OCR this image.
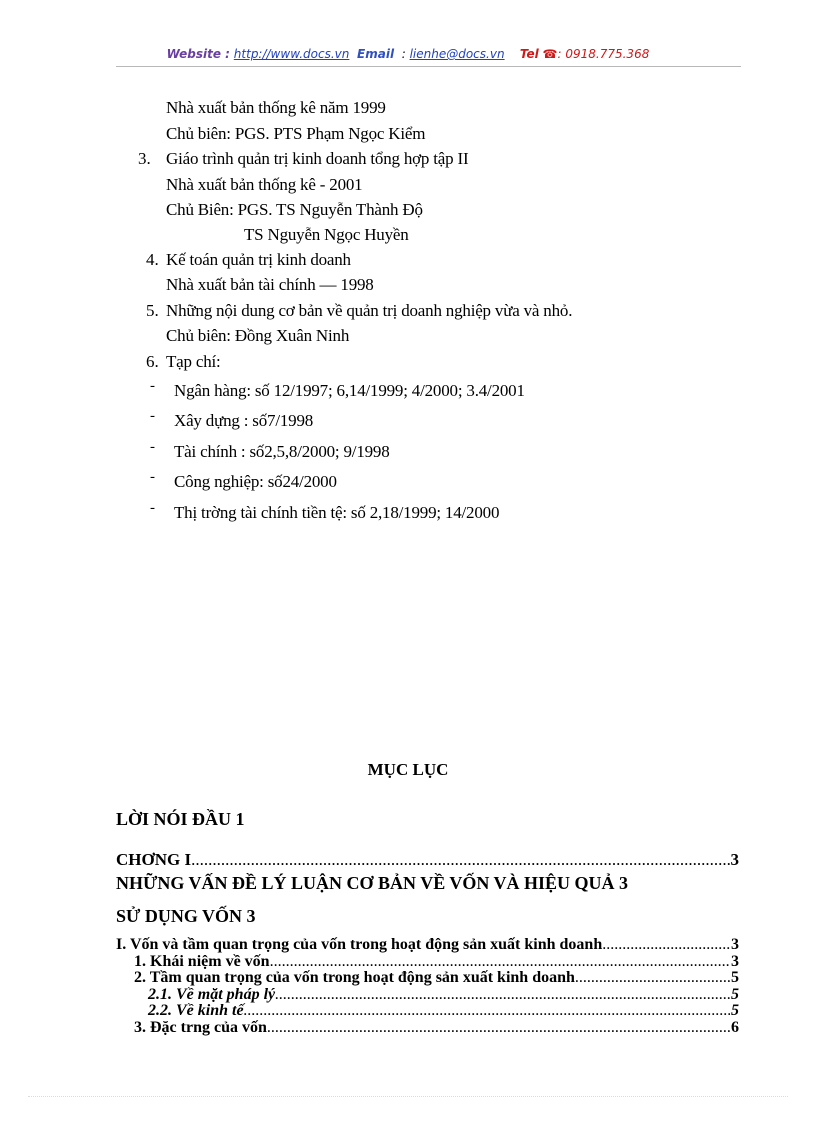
Website : http://www.docs.vn Email : lienhe@docs.vn Tel ☎: 0918.775.368
Nhà xuất bản thống kê năm 1999
Chủ biên: PGS. PTS Phạm Ngọc Kiểm
3. Giáo trình quản trị kinh doanh tổng hợp tập II
Nhà xuất bản thống kê - 2001
Chủ Biên: PGS. TS Nguyễn Thành Độ
TS Nguyễn Ngọc Huyền
4. Kế toán quản trị kinh doanh
Nhà xuất bản tài chính — 1998
5. Những nội dung cơ bản về quản trị doanh nghiệp vừa và nhỏ.
Chủ biên: Đồng Xuân Ninh
6. Tạp chí:
- Ngân hàng: số 12/1997; 6,14/1999; 4/2000; 3.4/2001
- Xây dựng : số7/1998
- Tài chính : số2,5,8/2000; 9/1998
- Công nghiệp: số24/2000
- Thị trờng tài chính tiền tệ: số 2,18/1999; 14/2000
MỤC LỤC
LỜI NÓI ĐẦU 1
CHƠNG I .....	3
NHỮNG VẤN ĐỀ LÝ LUẬN CƠ BẢN VỀ VỐN VÀ HIỆU QUẢ 3
SỬ DỤNG VỐN 3
I. Vốn và tầm quan trọng của vốn trong hoạt động sản xuất kinh doanh .....	3
1. Khái niệm về vốn .....	3
2. Tầm quan trọng của vốn trong hoạt động sản xuất kinh doanh .....	5
2.1. Về mặt pháp lý .....	5
2.2. Về kinh tế .....	5
3. Đặc trng của vốn .....	6
